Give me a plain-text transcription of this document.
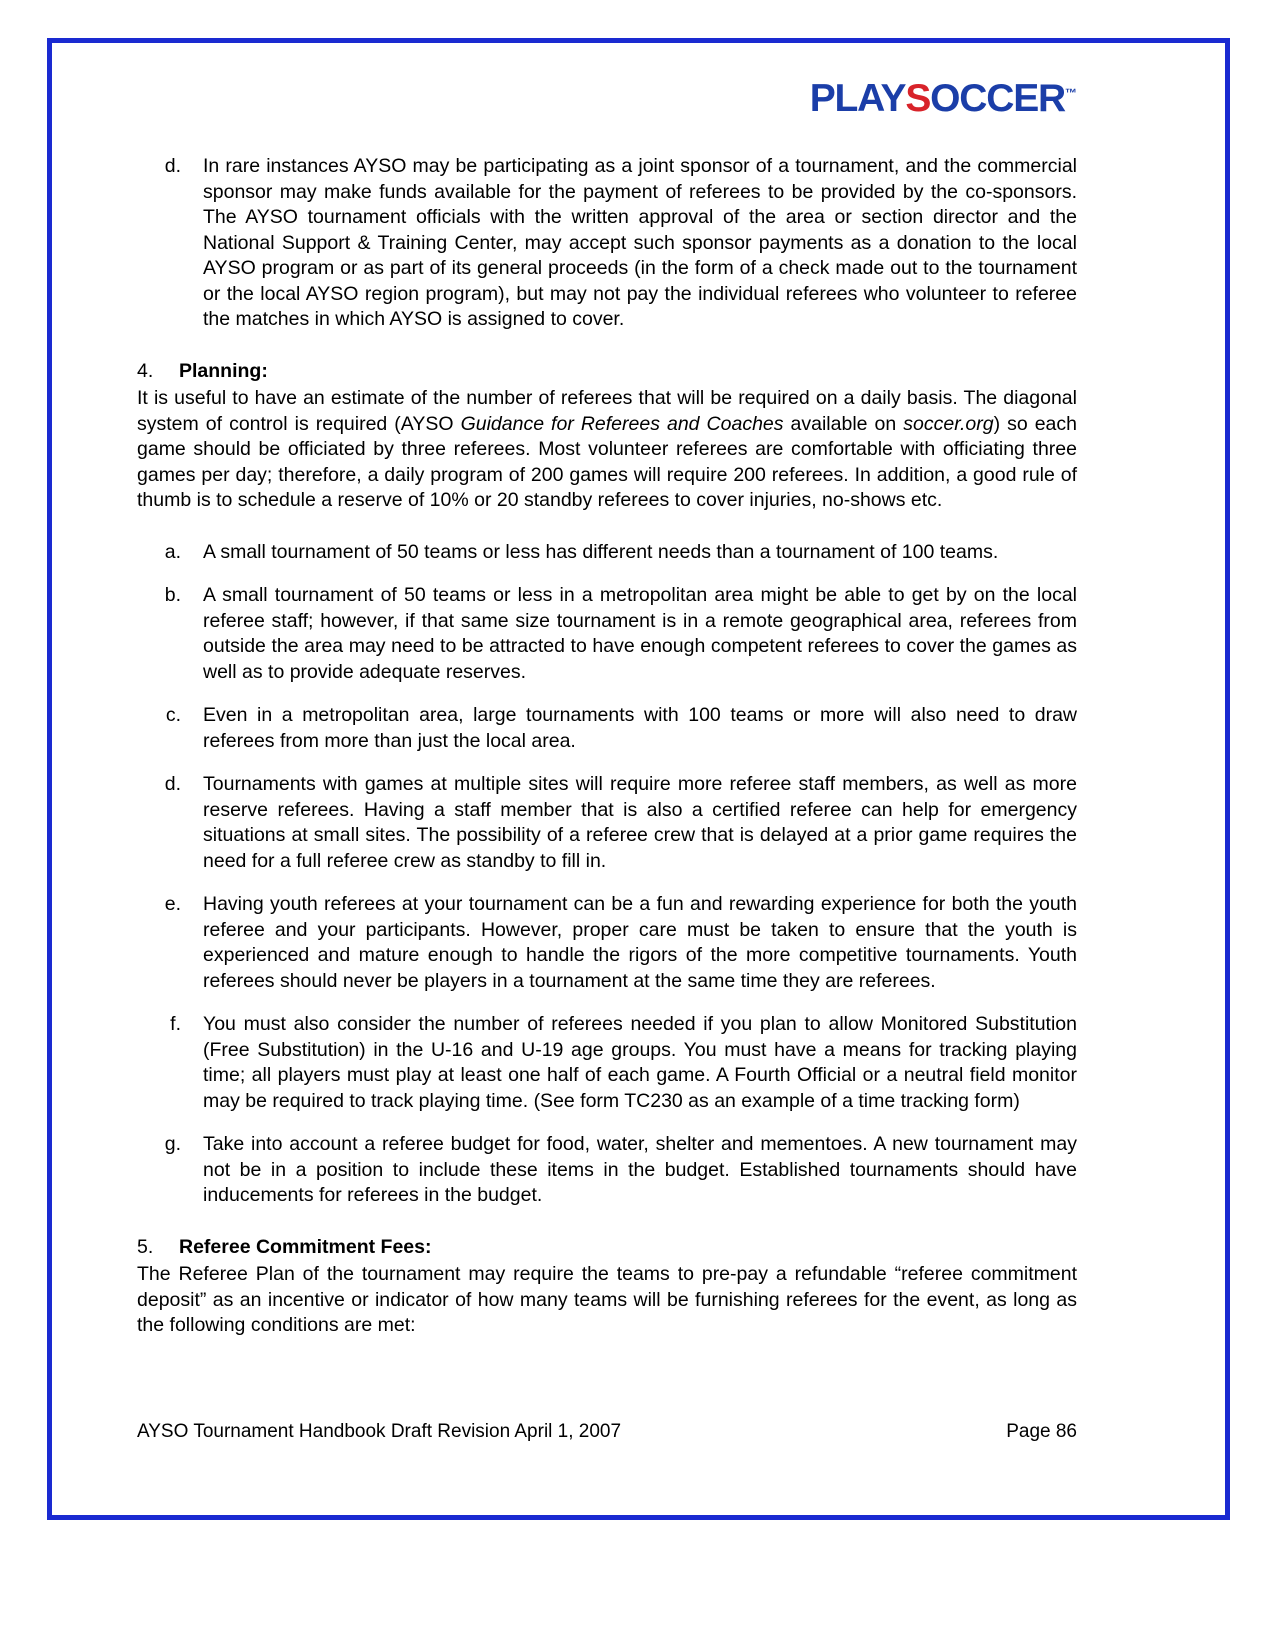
PLAYSOCCER™
d.	In rare instances AYSO may be participating as a joint sponsor of a tournament, and the commercial sponsor may make funds available for the payment of referees to be provided by the co-sponsors. The AYSO tournament officials with the written approval of the area or section director and the National Support & Training Center, may accept such sponsor payments as a donation to the local AYSO program or as part of its general proceeds (in the form of a check made out to the tournament or the local AYSO region program), but may not pay the individual referees who volunteer to referee the matches in which AYSO is assigned to cover.
4.	Planning:
It is useful to have an estimate of the number of referees that will be required on a daily basis. The diagonal system of control is required (AYSO Guidance for Referees and Coaches available on soccer.org) so each game should be officiated by three referees. Most volunteer referees are comfortable with officiating three games per day; therefore, a daily program of 200 games will require 200 referees. In addition, a good rule of thumb is to schedule a reserve of 10% or 20 standby referees to cover injuries, no-shows etc.
a.	A small tournament of 50 teams or less has different needs than a tournament of 100 teams.
b.	A small tournament of 50 teams or less in a metropolitan area might be able to get by on the local referee staff; however, if that same size tournament is in a remote geographical area, referees from outside the area may need to be attracted to have enough competent referees to cover the games as well as to provide adequate reserves.
c.	Even in a metropolitan area, large tournaments with 100 teams or more will also need to draw referees from more than just the local area.
d.	Tournaments with games at multiple sites will require more referee staff members, as well as more reserve referees. Having a staff member that is also a certified referee can help for emergency situations at small sites. The possibility of a referee crew that is delayed at a prior game requires the need for a full referee crew as standby to fill in.
e.	Having youth referees at your tournament can be a fun and rewarding experience for both the youth referee and your participants. However, proper care must be taken to ensure that the youth is experienced and mature enough to handle the rigors of the more competitive tournaments. Youth referees should never be players in a tournament at the same time they are referees.
f.	You must also consider the number of referees needed if you plan to allow Monitored Substitution (Free Substitution) in the U-16 and U-19 age groups. You must have a means for tracking playing time; all players must play at least one half of each game. A Fourth Official or a neutral field monitor may be required to track playing time. (See form TC230 as an example of a time tracking form)
g.	Take into account a referee budget for food, water, shelter and mementoes. A new tournament may not be in a position to include these items in the budget. Established tournaments should have inducements for referees in the budget.
5.	Referee Commitment Fees:
The Referee Plan of the tournament may require the teams to pre-pay a refundable “referee commitment deposit” as an incentive or indicator of how many teams will be furnishing referees for the event, as long as the following conditions are met:
AYSO Tournament Handbook Draft Revision April 1, 2007	Page 86
